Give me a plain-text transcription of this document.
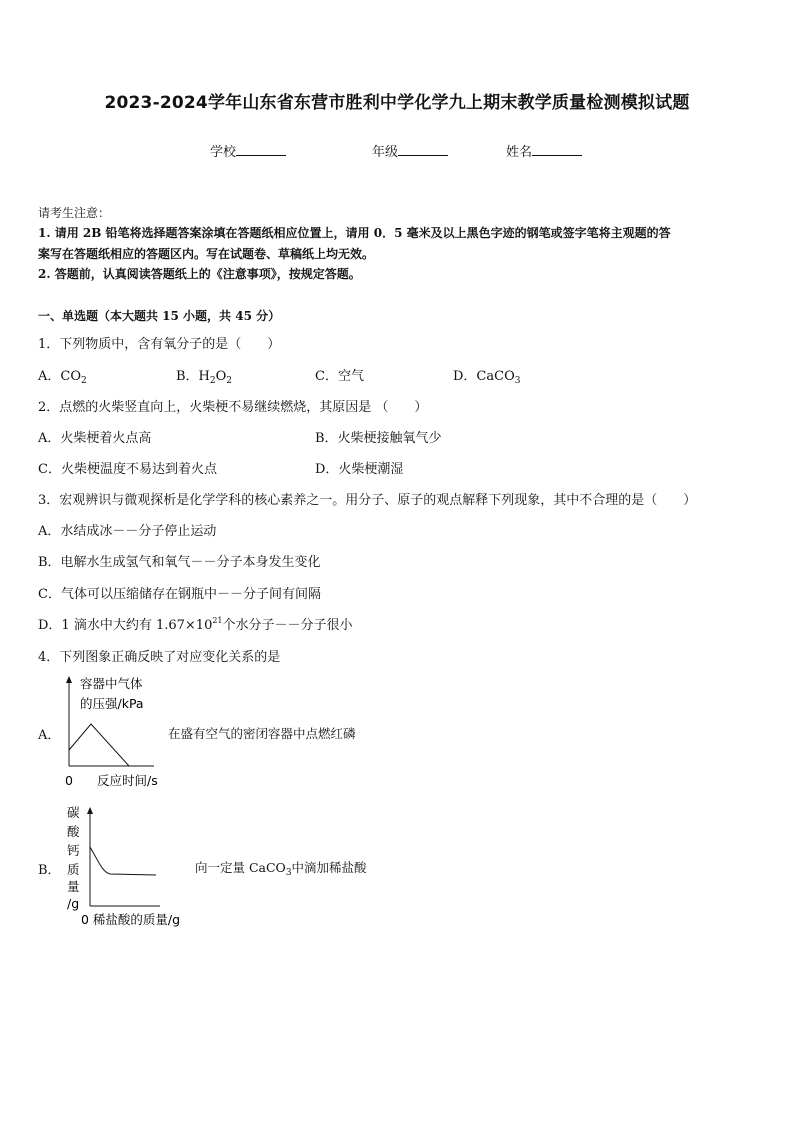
2023-2024学年山东省东营市胜利中学化学九上期末教学质量检测模拟试题
学校	年级	姓名
请考生注意：
1. 请用 2B 铅笔将选择题答案涂填在答题纸相应位置上，请用 0．5 毫米及以上黑色字迹的钢笔或签字笔将主观题的答
案写在答题纸相应的答题区内。写在试题卷、草稿纸上均无效。
2. 答题前，认真阅读答题纸上的《注意事项》，按规定答题。
一、单选题（本大题共 15 小题，共 45 分）
1．下列物质中，含有氧分子的是（　　）
A．$CO_2$	B．$H_2O_2$	C．空气	D．CaCO$_3$
2．点燃的火柴竖直向上，火柴梗不易继续燃烧，其原因是 （　　）
A．火柴梗着火点高	B．火柴梗接触氧气少
C．火柴梗温度不易达到着火点	D．火柴梗潮湿
3．宏观辨识与微观探析是化学学科的核心素养之一。用分子、原子的观点解释下列现象，其中不合理的是（　　）
A．水结成冰－－分子停止运动
B．电解水生成氢气和氧气－－分子本身发生变化
C．气体可以压缩储存在钢瓶中－－分子间有间隔
D．1 滴水中大约有 $1.67\times 10^{21}$个水分子－－分子很小
4．下列图象正确反映了对应变化关系的是
A．
容器中气体
的压强/kPa
0 反应时间/s
在盛有空气的密闭容器中点燃红磷
B．
碳
酸
钙
质
量
/g
0 稀盐酸的质量/g
向一定量 CaCO$_3$中滴加稀盐酸
